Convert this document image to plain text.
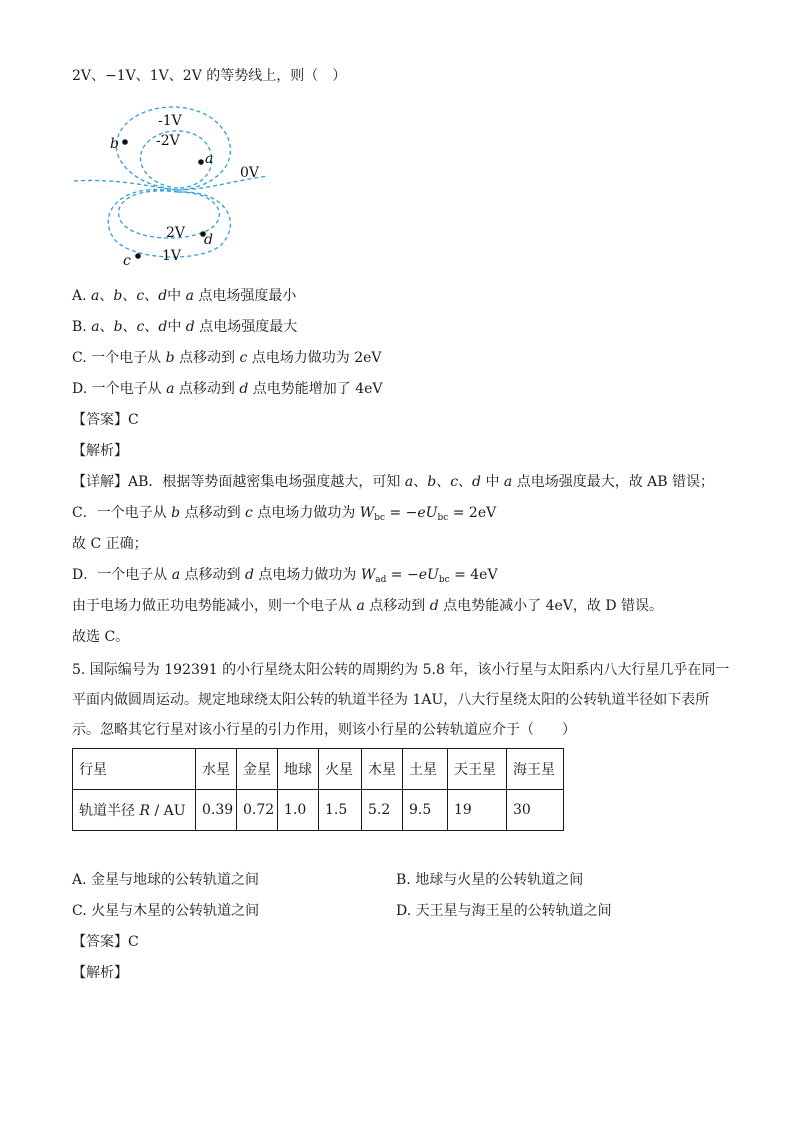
2V、−1V、1V、2V 的等势线上，则（　）
-1V
-2V
0V
2V
1V
b
a
d
c
A. a、b、c、d中 a 点电场强度最小
B. a、b、c、d中 d 点电场强度最大
C. 一个电子从 b 点移动到 c 点电场力做功为 2eV
D. 一个电子从 a 点移动到 d 点电势能增加了 4eV
【答案】C
【解析】
【详解】AB．根据等势面越密集电场强度越大，可知 a、b、c、d 中 a 点电场强度最大，故 AB 错误；
C．一个电子从 b 点移动到 c 点电场力做功为 $W_{bc} = -eU_{bc} = 2eV$
故 C 正确；
D．一个电子从 a 点移动到 d 点电场力做功为 $W_{ad} = -eU_{bc} = 4eV$
由于电场力做正功电势能减小，则一个电子从 a 点移动到 d 点电势能减小了 4eV，故 D 错误。
故选 C。
5. 国际编号为 192391 的小行星绕太阳公转的周期约为 5.8 年，该小行星与太阳系内八大行星几乎在同一
平面内做圆周运动。规定地球绕太阳公转的轨道半径为 1AU，八大行星绕太阳的公转轨道半径如下表所
示。忽略其它行星对该小行星的引力作用，则该小行星的公转轨道应介于（　　）
行星	水星	金星	地球	火星	木星	土星	天王星	海王星
轨道半径 R / AU	0.39	0.72	1.0	1.5	5.2	9.5	19	30
A. 金星与地球的公转轨道之间	B. 地球与火星的公转轨道之间
C. 火星与木星的公转轨道之间	D. 天王星与海王星的公转轨道之间
【答案】C
【解析】
